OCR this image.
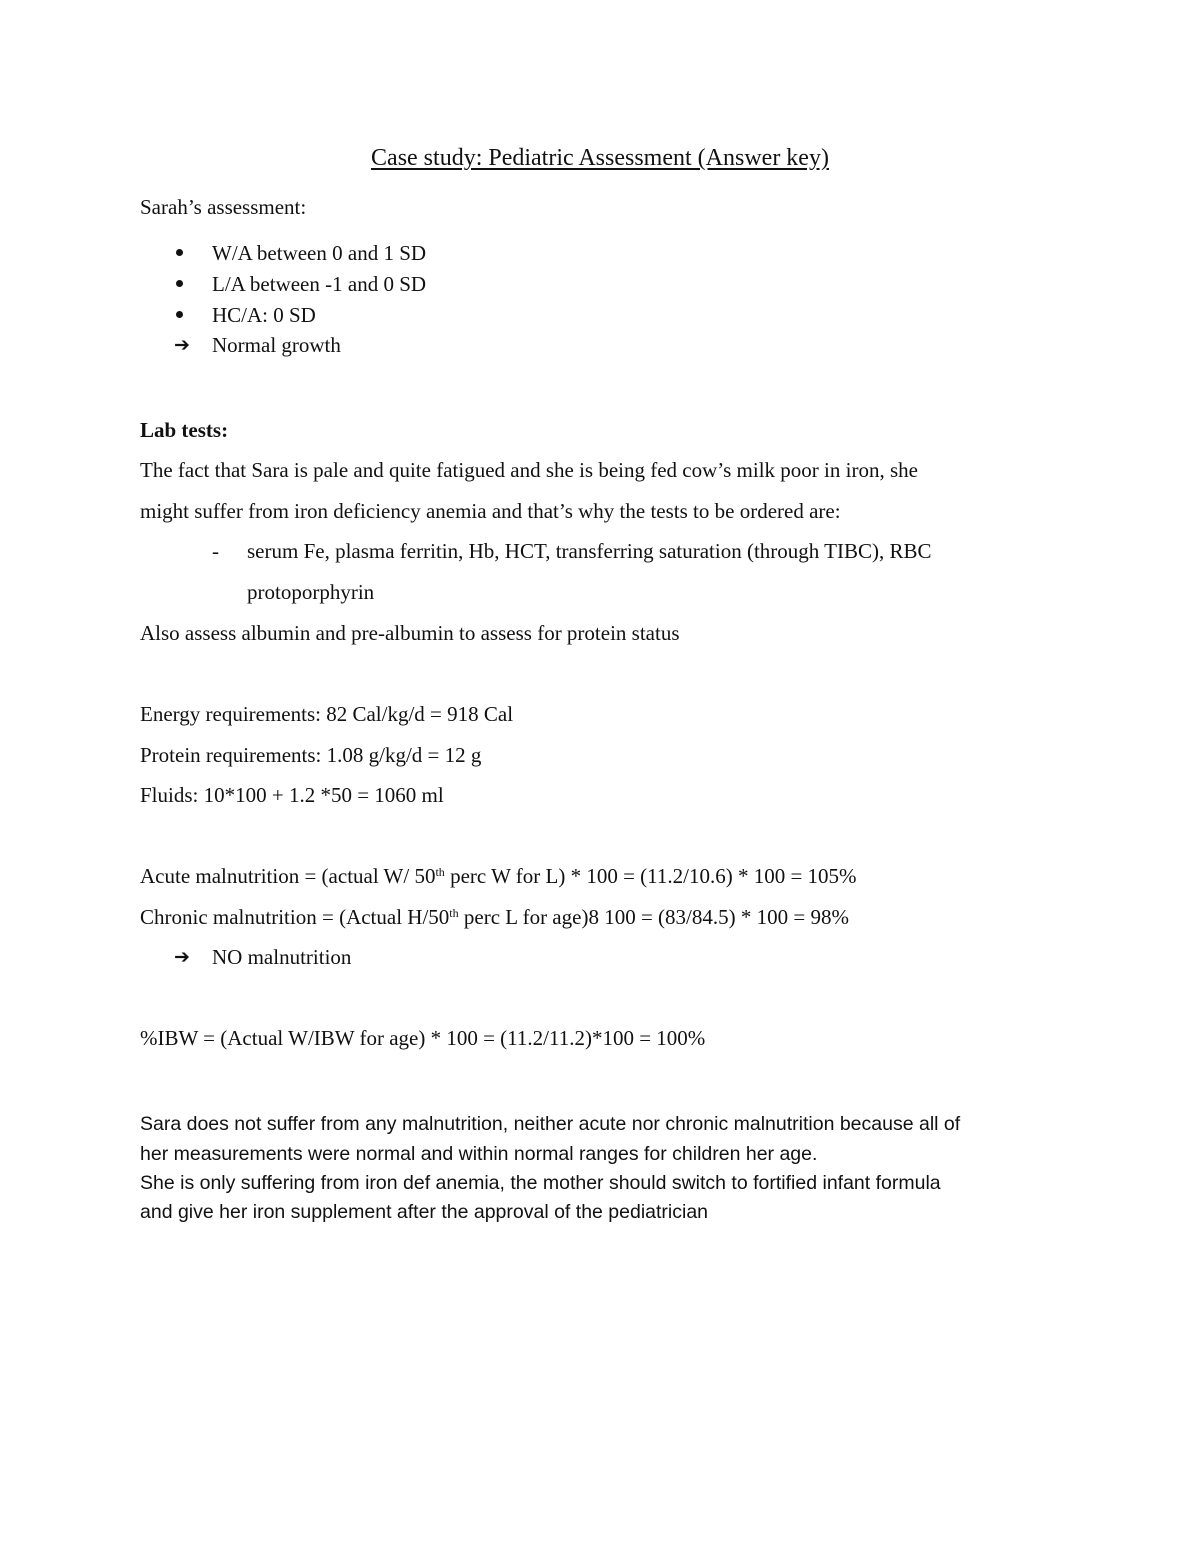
Case study: Pediatric Assessment (Answer key)
Sarah’s assessment:
W/A between 0 and 1 SD
L/A between -1 and 0 SD
HC/A: 0 SD
➔ Normal growth
Lab tests:
The fact that Sara is pale and quite fatigued and she is being fed cow’s milk poor in iron, she
might suffer from iron deficiency anemia and that’s why the tests to be ordered are:
- serum Fe, plasma ferritin, Hb, HCT, transferring saturation (through TIBC), RBC
protoporphyrin
Also assess albumin and pre-albumin to assess for protein status
Energy requirements: 82 Cal/kg/d = 918 Cal
Protein requirements: 1.08 g/kg/d = 12 g
Fluids: 10*100 + 1.2 *50 = 1060 ml
Acute malnutrition = (actual W/ 50th perc W for L) * 100 = (11.2/10.6) * 100 = 105%
Chronic malnutrition = (Actual H/50th perc L for age)8 100 = (83/84.5) * 100 = 98%
➔ NO malnutrition
%IBW = (Actual W/IBW for age) * 100 = (11.2/11.2)*100 = 100%
Sara does not suffer from any malnutrition, neither acute nor chronic malnutrition because all of
her measurements were normal and within normal ranges for children her age.
She is only suffering from iron def anemia, the mother should switch to fortified infant formula
and give her iron supplement after the approval of the pediatrician
